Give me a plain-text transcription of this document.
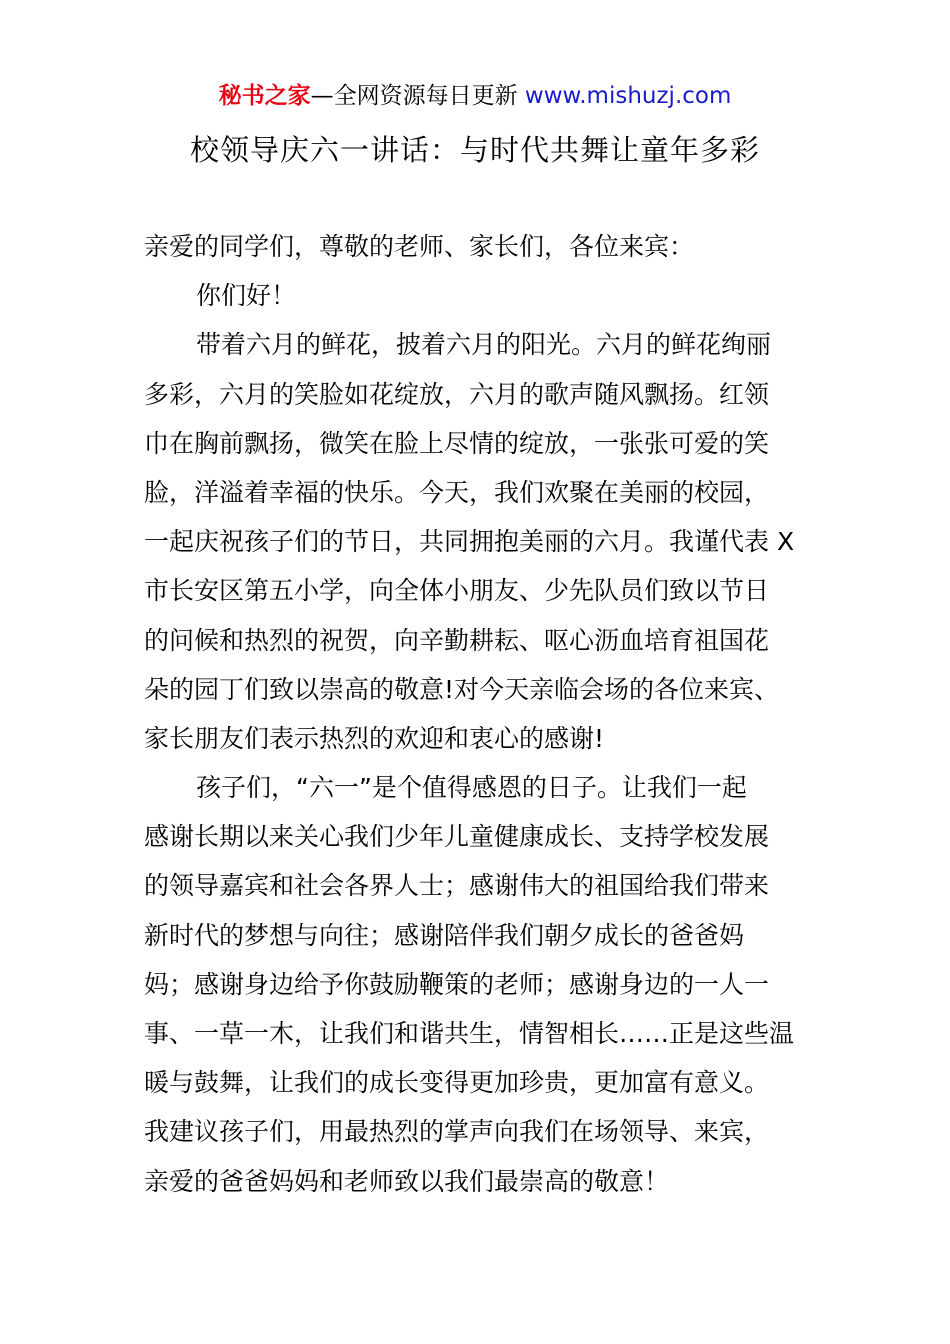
秘书之家—全网资源每日更新 www.mishuzj.com
校领导庆六一讲话：与时代共舞让童年多彩
亲爱的同学们，尊敬的老师、家长们，各位来宾：
你们好！
带着六月的鲜花，披着六月的阳光。六月的鲜花绚丽
多彩，六月的笑脸如花绽放，六月的歌声随风飘扬。红领
巾在胸前飘扬，微笑在脸上尽情的绽放，一张张可爱的笑
脸，洋溢着幸福的快乐。今天，我们欢聚在美丽的校园，
一起庆祝孩子们的节日，共同拥抱美丽的六月。我谨代表 X
市长安区第五小学，向全体小朋友、少先队员们致以节日
的问候和热烈的祝贺，向辛勤耕耘、呕心沥血培育祖国花
朵的园丁们致以崇高的敬意!对今天亲临会场的各位来宾、
家长朋友们表示热烈的欢迎和衷心的感谢!
孩子们，“六一”是个值得感恩的日子。让我们一起
感谢长期以来关心我们少年儿童健康成长、支持学校发展
的领导嘉宾和社会各界人士；感谢伟大的祖国给我们带来
新时代的梦想与向往；感谢陪伴我们朝夕成长的爸爸妈
妈；感谢身边给予你鼓励鞭策的老师；感谢身边的一人一
事、一草一木，让我们和谐共生，情智相长……正是这些温
暖与鼓舞，让我们的成长变得更加珍贵，更加富有意义。
我建议孩子们，用最热烈的掌声向我们在场领导、来宾，
亲爱的爸爸妈妈和老师致以我们最崇高的敬意！
